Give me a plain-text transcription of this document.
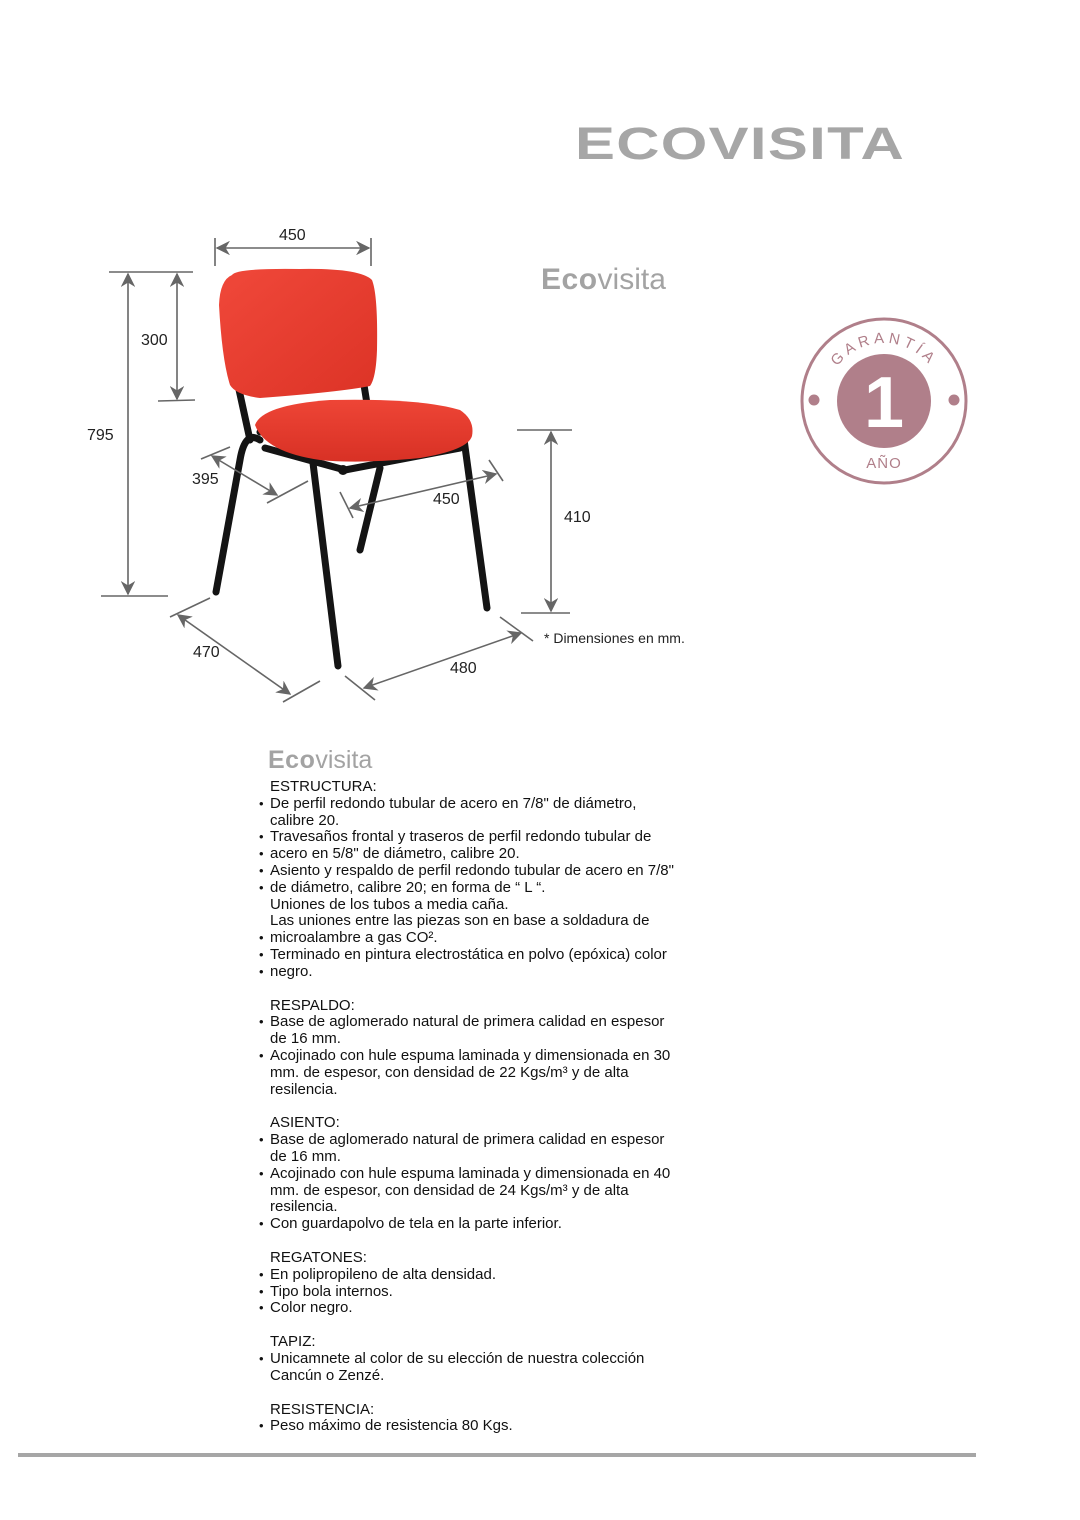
ECOVISITA
Ecovisita
GARANTÍA
1
AÑO
450
300
795
395
450
410
470
480
* Dimensiones en mm.
Ecovisita
ESTRUCTURA:
• De perfil redondo tubular de acero en 7/8" de diámetro,
calibre 20.
• Travesaños frontal y traseros de perfil redondo tubular de
• acero en 5/8" de diámetro, calibre 20.
• Asiento y respaldo de perfil redondo tubular de acero en 7/8"
• de diámetro, calibre 20; en forma de “ L “.
Uniones de los tubos a media caña.
Las uniones entre las piezas son en base a soldadura de
• microalambre a gas CO².
• Terminado en pintura electrostática en polvo (epóxica) color
• negro.
RESPALDO:
• Base de aglomerado natural de primera calidad en espesor
de 16 mm.
• Acojinado con hule espuma laminada y dimensionada en 30
mm. de espesor, con densidad de 22 Kgs/m³ y de alta
resilencia.
ASIENTO:
• Base de aglomerado natural de primera calidad en espesor
de 16 mm.
• Acojinado con hule espuma laminada y dimensionada en 40
mm. de espesor, con densidad de 24 Kgs/m³ y de alta
resilencia.
• Con guardapolvo de tela en la parte inferior.
REGATONES:
• En polipropileno de alta densidad.
• Tipo bola internos.
• Color negro.
TAPIZ:
• Unicamnete al color de su elección de nuestra colección
Cancún o Zenzé.
RESISTENCIA:
• Peso máximo de resistencia 80 Kgs.
